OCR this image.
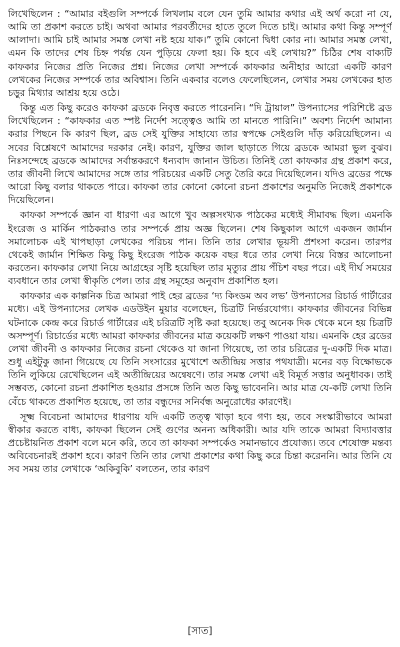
লিখেছিলেন : “আমার বইগুলি সম্পর্কে লিখলাম বলে যেন তুমি আমার কথার এই অর্থ করো না যে, আমি তা প্রকাশ করতে চাই। অথবা আমার পরবর্তীদের হাতে তুলে দিতে চাই। আমার কথা কিন্তু সম্পূর্ণ আলাদা। আমি চাই আমার সমস্ত লেখা নষ্ট হয়ে যাক।” তুমি কোনো দ্বিধা কোর না। আমার সমস্ত লেখা, এমন কি তাদের শেষ চিহ্ন পর্যন্ত যেন পুড়িয়ে ফেলা হয়। কি হবে এই লেখায়?” চিঠির শেষ বাক্যটি কাফকার নিজের প্রতি নিজের প্রশ্ন। নিজের লেখা সম্পর্কে কাফকার অনীহার আরো একটি কারণ লেখকের নিজের সম্পর্কে তার অবিশ্বাস। তিনি একবার বলেও ফেলেছিলেন, লেখার সময় লেখকের হাত চড়ুর মিথ্যার আশ্রয় হয়ে ওঠে।

কিন্তু এত কিছু করেও কাফকা ব্রডকে নিবৃত্ত করতে পারেননি। “দি ট্রায়াল” উপন্যাসের পরিশিষ্টে ব্রড লিখেছিলেন : “কাফকার এত স্পষ্ট নির্দেশ সত্ত্বেও আমি তা মানতে পারিনি।” অবশ্য নির্দেশ আমান্য করার পিছনে কি কারণ ছিল, ব্রড সেই যুক্তির সাহায্যে তার স্বপক্ষে সেইগুলি দাঁড় করিয়েছিলেন। এ সবের বিশ্লেষণে আমাদের দরকার নেই। কারণ, যুক্তির জাল ছাড়াতে গিয়ে ব্রডকে আমরা ভুল বুঝব। নিঃসন্দেহে ব্রডকে আমাদের সর্বান্তকরণে ধন্যবাদ জানান উচিত। তিনিই তো কাফকার গ্রন্থ প্রকাশ করে, তার জীবনী লিখে আমাদের সঙ্গে তার পরিচয়ের একটি সেতু তৈরি করে দিয়েছিলেন। যদিও ব্রডের পক্ষে আরো কিছু বলার থাকতে পারে। কাফকা তার কোনো কোনো রচনা প্রকাশের অনুমতি নিজেই প্রকাশকে দিয়েছিলেন।

কাফকা সম্পর্কে জ্ঞান বা ধারণা এর আগে খুব অল্পসংখ্যক পাঠকের মধ্যেই সীমাবদ্ধ ছিল। এমনকি ইংরেজ ও মার্কিন পাঠকরাও তার সম্পর্কে প্রায় অজ্ঞ ছিলেন। শেষ কিছুকাল আগে একজন জার্মান সমালোচক এই খাপছাড়া লেখকের পরিচয় পান। তিনি তার লেখার ভূয়সী প্রশংসা করেন। তারপর থেকেই জার্মান শিক্ষিত কিছু কিছু ইংরেজ পাঠক কয়েক বছর ধরে তার লেখা নিয়ে বিস্তর আলোচনা করতেন। কাফকার লেখা নিয়ে আগ্রহের সৃষ্টি হয়েছিল তার মৃত্যুর প্রায় পঁচিশ বছর পরে। এই দীর্ঘ সময়ের ব্যবধানে তার লেখা স্বীকৃতি পেল। তার গ্রন্থ সমূহের অনুবাদ প্রকাশিত হল।

কাফকার এক কাল্পনিক চিত্র আমরা পাই হের ব্রডের ‘দ্য কিংডম অব লভ’ উপন্যাসের রিচার্ড গার্টারের মধ্যে। এই উপন্যাসের লেখক এডউইন মুয়ার বলেছেন, চিত্রটি নির্ভরযোগ্য। কাফকার জীবনের বিভিন্ন ঘটনাকে কেন্দ্র করে রিচার্ড গার্টারের এই চরিত্রটি সৃষ্টি করা হয়েছে। তবু অনেক দিক থেকে মনে হয় চিত্রটি অসম্পূর্ণ। রিচার্ডের মধ্যে আমরা কাফকার জীবনের মাত্র কয়েকটি লক্ষণ পাওয়া যায়। এমনকি হের ব্রডের লেখা জীবনী ও কাফকার নিজের রচনা থেকেও যা জানা গিয়েছে, তা তার চরিত্রের দু-একটি দিক মাত্র। শুধু এইটুকু জানা গিয়েছে যে তিনি সংসারের মুখোশে অতীন্দ্রিয় সত্তার পথযাত্রী। মনের বড় বিক্ষোভকে তিনি লুকিয়ে রেখেছিলেন এই অতীন্দ্রিয়ের অন্বেষণে। তার সমস্ত লেখা এই বিমূর্ত সত্তার অনুধাবক। তাই সম্ভবত, কোনো রচনা প্রকাশিত হওয়ার প্রসঙ্গে তিনি অত কিছু ভাবেননি। আর মাত্র যে-কটি লেখা তিনি বেঁচে থাকতে প্রকাশিত হয়েছে, তা তার বন্ধুদের সনির্বন্ধ অনুরোধের কারণেই।

সূক্ষ্ম বিবেচনা আমাদের ধারণায় যদি একটি তত্ত্ব খাড়া হবে গণ্য হয়, তবে সংস্কারীভাবে আমরা স্বীকার করতে বাধ্য, কাফকা ছিলেন সেই গুণের অনন্য অধিকারী। আর যদি তাকে আমরা বিদ্যাবত্তার প্রচেষ্টায়নিত প্রকাশ বলে মনে করি, তবে তা কাফকা সম্পর্কেও সমানভাবে প্রযোজ্য। তবে শেষোক্ত মন্তব্য অবিবেচনারই প্রকাশ হবে। কারণ তিনি তার লেখা প্রকাশের কথা কিছু করে চিন্তা করেননি। আর তিনি যে সব সময় তার লেখাকে ‘অকিবুকি’ বলতেন, তার কারণ

[সাত]
